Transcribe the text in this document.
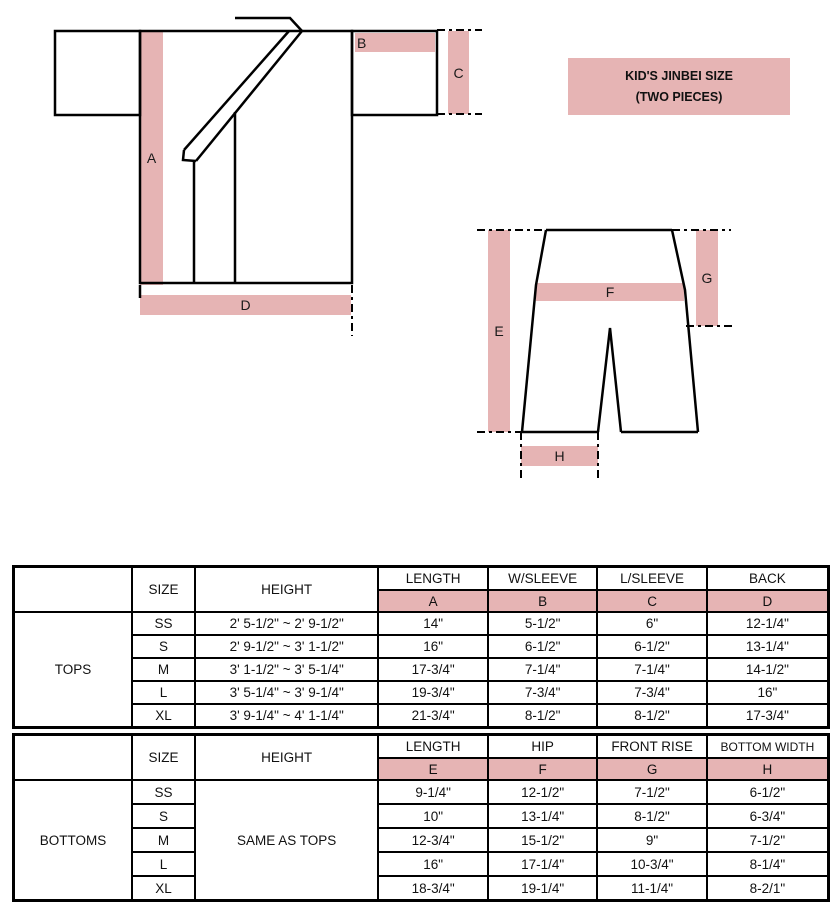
A
B
C
D
E
F
G
H
KID'S JINBEI SIZE
(TWO PIECES)
	SIZE	HEIGHT	LENGTH	W/SLEEVE	L/SLEEVE	BACK
			A	B	C	D
TOPS	SS	2' 5-1/2" ~ 2' 9-1/2"	14"	5-1/2"	6"	12-1/4"
	S	2' 9-1/2" ~ 3' 1-1/2"	16"	6-1/2"	6-1/2"	13-1/4"
	M	3' 1-1/2" ~ 3' 5-1/4"	17-3/4"	7-1/4"	7-1/4"	14-1/2"
	L	3' 5-1/4" ~ 3' 9-1/4"	19-3/4"	7-3/4"	7-3/4"	16"
	XL	3' 9-1/4" ~ 4' 1-1/4"	21-3/4"	8-1/2"	8-1/2"	17-3/4"
	SIZE	HEIGHT	LENGTH	HIP	FRONT RISE	BOTTOM WIDTH
			E	F	G	H
BOTTOMS	SS	SAME AS TOPS	9-1/4"	12-1/2"	7-1/2"	6-1/2"
	S		10"	13-1/4"	8-1/2"	6-3/4"
	M		12-3/4"	15-1/2"	9"	7-1/2"
	L		16"	17-1/4"	10-3/4"	8-1/4"
	XL		18-3/4"	19-1/4"	11-1/4"	8-2/1"
